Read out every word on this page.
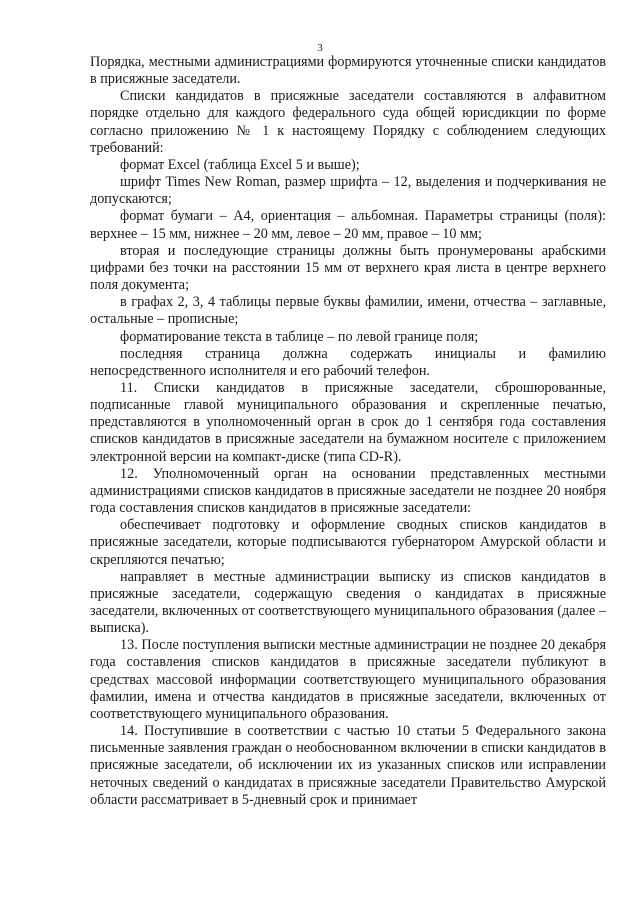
3

Порядка, местными администрациями формируются уточненные списки кандидатов в присяжные заседатели.

Списки кандидатов в присяжные заседатели составляются в алфавитном порядке отдельно для каждого федерального суда общей юрисдикции по форме согласно приложению № 1 к настоящему Порядку с соблюдением следующих требований:

формат Excel (таблица Excel 5 и выше);

шрифт Times New Roman, размер шрифта – 12, выделения и подчеркивания не допускаются;

формат бумаги – А4, ориентация – альбомная. Параметры страницы (поля): верхнее – 15 мм, нижнее – 20 мм, левое – 20 мм, правое – 10 мм;

вторая и последующие страницы должны быть пронумерованы арабскими цифрами без точки на расстоянии 15 мм от верхнего края листа в центре верхнего поля документа;

в графах 2, 3, 4 таблицы первые буквы фамилии, имени, отчества – заглавные, остальные – прописные;

форматирование текста в таблице – по левой границе поля;

последняя страница должна содержать инициалы и фамилию непосредственного исполнителя и его рабочий телефон.

11. Списки кандидатов в присяжные заседатели, сброшюрованные, подписанные главой муниципального образования и скрепленные печатью, представляются в уполномоченный орган в срок до 1 сентября года составления списков кандидатов в присяжные заседатели на бумажном носителе с приложением электронной версии на компакт-диске (типа CD-R).

12. Уполномоченный орган на основании представленных местными администрациями списков кандидатов в присяжные заседатели не позднее 20 ноября года составления списков кандидатов в присяжные заседатели:

обеспечивает подготовку и оформление сводных списков кандидатов в присяжные заседатели, которые подписываются губернатором Амурской области и скрепляются печатью;

направляет в местные администрации выписку из списков кандидатов в присяжные заседатели, содержащую сведения о кандидатах в присяжные заседатели, включенных от соответствующего муниципального образования (далее – выписка).

13. После поступления выписки местные администрации не позднее 20 декабря года составления списков кандидатов в присяжные заседатели публикуют в средствах массовой информации соответствующего муниципального образования фамилии, имена и отчества кандидатов в присяжные заседатели, включенных от соответствующего муниципального образования.

14. Поступившие в соответствии с частью 10 статьи 5 Федерального закона письменные заявления граждан о необоснованном включении в списки кандидатов в присяжные заседатели, об исключении их из указанных списков или исправлении неточных сведений о кандидатах в присяжные заседатели Правительство Амурской области рассматривает в 5-дневный срок и принимает
